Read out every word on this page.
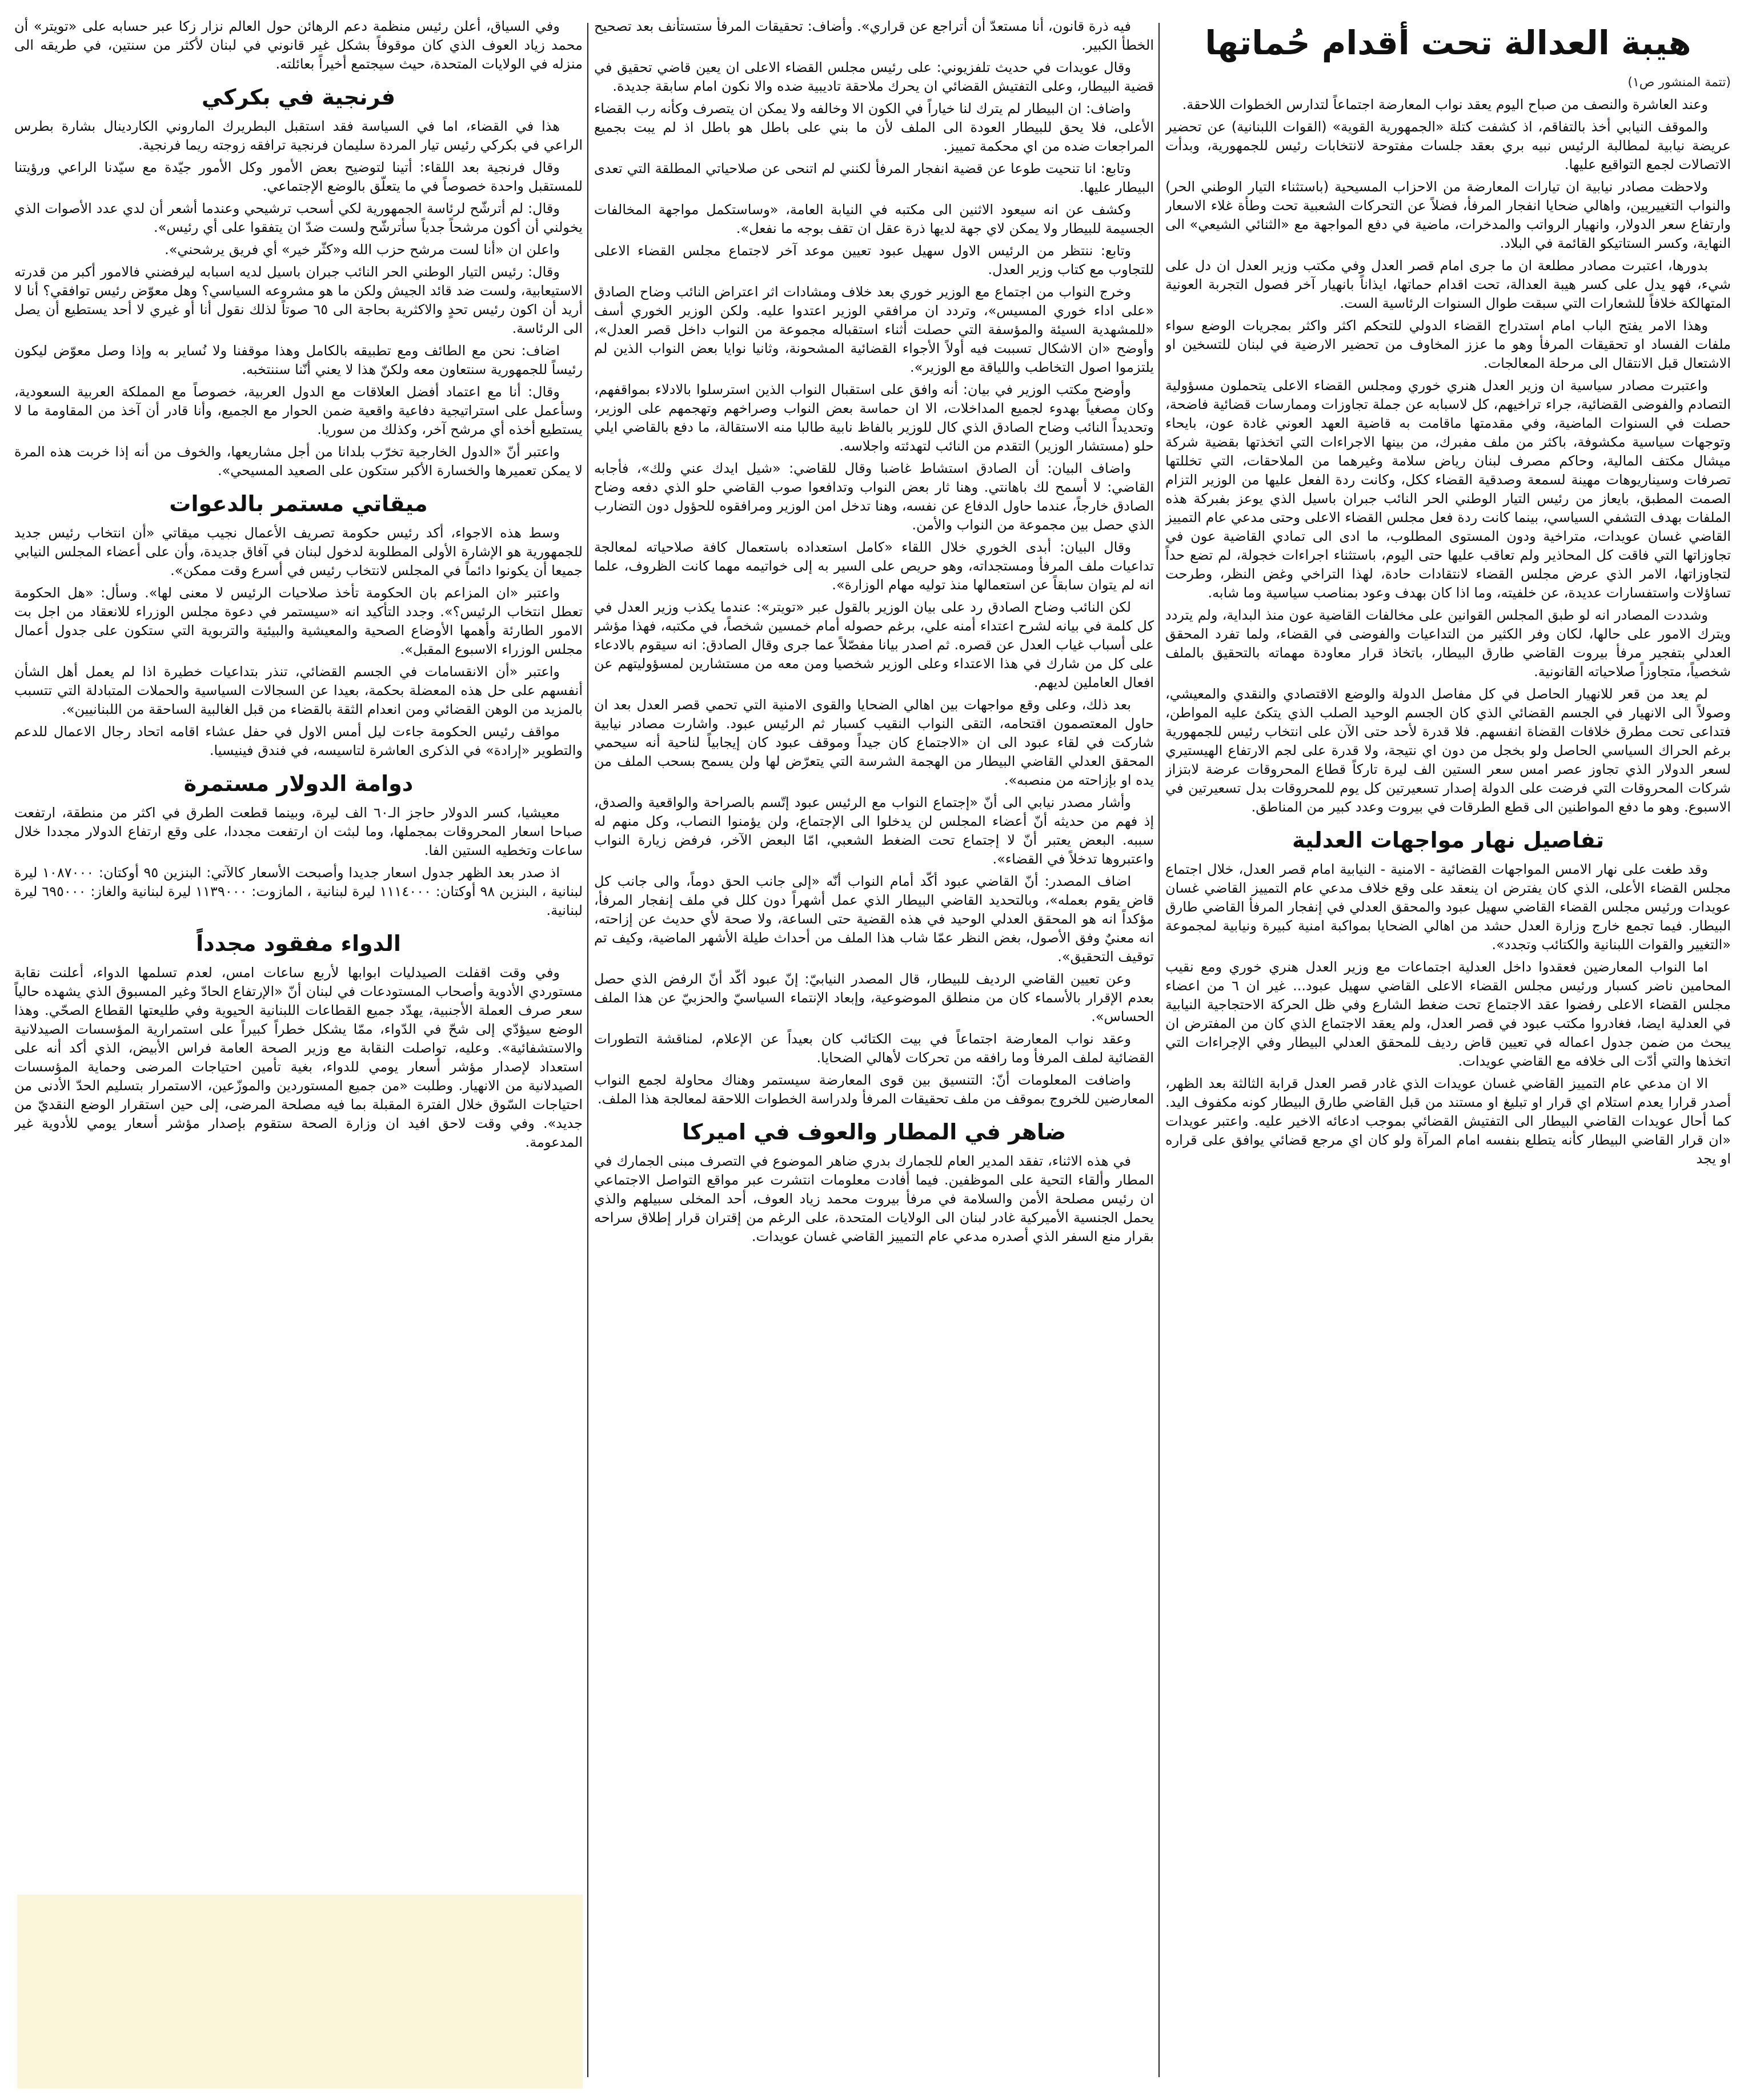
هيبة العدالة تحت أقدام حُماتها
(تتمة المنشور ص١)
وعند العاشرة والنصف من صباح اليوم يعقد نواب المعارضة اجتماعاً لتدارس الخطوات اللاحقة.
والموقف النيابي أخذ بالتفاقم، اذ كشفت كتلة «الجمهورية القوية» (القوات اللبنانية) عن تحضير عريضة نيابية لمطالبة الرئيس نبيه بري بعقد جلسات مفتوحة لانتخابات رئيس للجمهورية، وبدأت الاتصالات لجمع التواقيع عليها.
ولاحظت مصادر نيابية ان تيارات المعارضة من الاحزاب المسيحية (باستثناء التيار الوطني الحر) والنواب التغييريين، واهالي ضحايا انفجار المرفأ، فضلاً عن التحركات الشعبية تحت وطأة غلاء الاسعار وارتفاع سعر الدولار، وانهيار الرواتب والمدخرات، ماضية في دفع المواجهة مع «الثنائي الشيعي» الى النهاية، وكسر الستاتيكو القائمة في البلاد.
بدورها، اعتبرت مصادر مطلعة ان ما جرى امام قصر العدل وفي مكتب وزير العدل ان دل على شيء، فهو يدل على كسر هيبة العدالة، تحت اقدام حماتها، ايذاناً بانهيار آخر فصول التجربة العونية المتهالكة خلافاً للشعارات التي سبقت طوال السنوات الرئاسية الست.
وهذا الامر يفتح الباب امام استدراج القضاء الدولي للتحكم اكثر واكثر بمجريات الوضع سواء ملفات الفساد او تحقيقات المرفأ وهو ما عزز المخاوف من تحضير الارضية في لبنان للتسخين او الاشتعال قبل الانتقال الى مرحلة المعالجات.
واعتبرت مصادر سياسية ان وزير العدل هنري خوري ومجلس القضاء الاعلى يتحملون مسؤولية التصادم والفوضى القضائية، جراء تراخيهم، كل لاسبابه عن جملة تجاوزات وممارسات قضائية فاضحة، حصلت في السنوات الماضية، وفي مقدمتها ماقامت به قاضية العهد العوني غادة عون، بايحاء وتوجهات سياسية مكشوفة، باكثر من ملف مفبرك، من بينها الاجراءات التي اتخذتها بقضية شركة ميشال مكتف المالية، وحاكم مصرف لبنان رياض سلامة وغيرهما من الملاحقات، التي تخللتها تصرفات وسيناريوهات مهينة لسمعة وصدقية القضاء ككل، وكانت ردة الفعل عليها من الوزير التزام الصمت المطبق، بايعاز من رئيس التيار الوطني الحر النائب جبران باسيل الذي يوعز بفبركة هذه الملفات بهدف التشفي السياسي، بينما كانت ردة فعل مجلس القضاء الاعلى وحتى مدعي عام التمييز القاضي غسان عويدات، متراخية ودون المستوى المطلوب، ما ادى الى تمادي القاضية عون في تجاوزاتها التي فاقت كل المحاذير ولم تعاقب عليها حتى اليوم، باستثناء اجراءات خجولة، لم تضع حداً لتجاوزاتها، الامر الذي عرض مجلس القضاء لانتقادات حادة، لهذا التراخي وغض النظر، وطرحت تساؤلات واستفسارات عديدة، عن خلفيته، وما اذا كان بهدف وعود بمناصب سياسية وما شابه.
وشددت المصادر انه لو طبق المجلس القوانين على مخالفات القاضية عون منذ البداية، ولم يتردد ويترك الامور على حالها، لكان وفر الكثير من التداعيات والفوضى في القضاء، ولما تفرد المحقق العدلي بتفجير مرفأ بيروت القاضي طارق البيطار، باتخاذ قرار معاودة مهماته بالتحقيق بالملف شخصياً، متجاوزاً صلاحياته القانونية.
لم يعد من قعر للانهيار الحاصل في كل مفاصل الدولة والوضع الاقتصادي والنقدي والمعيشي، وصولاً الى الانهيار في الجسم القضائي الذي كان الجسم الوحيد الصلب الذي يتكئ عليه المواطن، فتداعى تحت مطرق خلافات القضاة انفسهم. فلا قدرة لأحد حتى الآن على انتخاب رئيس للجمهورية برغم الحراك السياسي الحاصل ولو بخجل من دون اي نتيجة، ولا قدرة على لجم الارتفاع الهيستيري لسعر الدولار الذي تجاوز عصر امس سعر الستين الف ليرة تاركاً قطاع المحروقات عرضة لابتزاز شركات المحروقات التي فرضت على الدولة إصدار تسعيرتين كل يوم للمحروقات بدل تسعيرتين في الاسبوع. وهو ما دفع المواطنين الى قطع الطرقات في بيروت وعدد كبير من المناطق.
تفاصيل نهار مواجهات العدلية
وقد طغت على نهار الامس المواجهات القضائية - الامنية - النيابية امام قصر العدل، خلال اجتماع مجلس القضاء الأعلى، الذي كان يفترض ان ينعقد على وقع خلاف مدعي عام التمييز القاضي غسان عويدات ورئيس مجلس القضاء القاضي سهيل عبود والمحقق العدلي في إنفجار المرفأ القاضي طارق البيطار. فيما تجمع خارج وزارة العدل حشد من اهالي الضحايا بمواكبة امنية كبيرة ونيابية لمجموعة «التغيير والقوات اللبنانية والكتائب وتجدد».
اما النواب المعارضين فعقدوا داخل العدلية اجتماعات مع وزير العدل هنري خوري ومع نقيب المحامين ناضر كسبار ورئيس مجلس القضاء الاعلى القاضي سهيل عبود... غير ان ٦ من اعضاء مجلس القضاء الاعلى رفضوا عقد الاجتماع تحت ضغط الشارع وفي ظل الحركة الاحتجاجية النيابية في العدلية ايضا، فغادروا مكتب عبود في قصر العدل، ولم يعقد الاجتماع الذي كان من المفترض ان يبحث من ضمن جدول اعماله في تعيين قاض رديف للمحقق العدلي البيطار وفي الإجراءات التي اتخذها والتي أدّت الى خلافه مع القاضي عويدات.
الا ان مدعي عام التمييز القاضي غسان عويدات الذي غادر قصر العدل قرابة الثالثة بعد الظهر، أصدر قرارا يعدم استلام اي قرار او تبليغ او مستند من قبل القاضي طارق البيطار كونه مكفوف اليد. كما أحال عويدات القاضي البيطار الى التفتيش القضائي بموجب ادعائه الاخير عليه. واعتبر عويدات «ان قرار القاضي البيطار كأنه يتطلع بنفسه امام المرآة ولو كان اي مرجع قضائي يوافق على قراره او يجد
فيه ذرة قانون، أنا مستعدّ أن أتراجع عن قراري». وأضاف: تحقيقات المرفأ ستستأنف بعد تصحيح الخطأ الكبير.
وقال عويدات في حديث تلفزيوني: على رئيس مجلس القضاء الاعلى ان يعين قاضي تحقيق في قضية البيطار، وعلى التفتيش القضائي ان يحرك ملاحقة تاديبية ضده والا نكون امام سابقة جديدة.
واضاف: ان البيطار لم يترك لنا خياراً في الكون الا وخالفه ولا يمكن ان يتصرف وكأنه رب القضاء الأعلى، فلا يحق للبيطار العودة الى الملف لأن ما بني على باطل هو باطل اذ لم يبت بجميع المراجعات ضده من اي محكمة تمييز.
وتابع: انا تنحيت طوعا عن قضية انفجار المرفأ لكنني لم اتنحى عن صلاحياتي المطلقة التي تعدى البيطار عليها.
وكشف عن انه سيعود الاثنين الى مكتبه في النيابة العامة، «وساستكمل مواجهة المخالفات الجسيمة للبيطار ولا يمكن لاي جهة لديها ذرة عقل ان تقف بوجه ما نفعل».
وتابع: ننتظر من الرئيس الاول سهيل عبود تعيين موعد آخر لاجتماع مجلس القضاء الاعلى للتجاوب مع كتاب وزير العدل.
وخرج النواب من اجتماع مع الوزير خوري بعد خلاف ومشادات اثر اعتراض النائب وضاح الصادق «على اداء خوري المسيس»، وتردد ان مرافقي الوزير اعتدوا عليه. ولكن الوزير الخوري أسف «للمشهدية السيئة والمؤسفة التي حصلت أثناء استقباله مجموعة من النواب داخل قصر العدل»، وأوضح «ان الاشكال تسببت فيه أولاً الأجواء القضائية المشحونة، وثانيا نوايا بعض النواب الذين لم يلتزموا اصول التخاطب واللياقة مع الوزير».
وأوضح مكتب الوزير في بيان: أنه وافق على استقبال النواب الذين استرسلوا بالادلاء بمواقفهم، وكان مصغياً بهدوء لجميع المداخلات، الا ان حماسة بعض النواب وصراخهم وتهجمهم على الوزير، وتحديداً النائب وضاح الصادق الذي كال للوزير بالفاظ نابية طالبا منه الاستقالة، ما دفع بالقاضي ايلي حلو (مستشار الوزير) التقدم من النائب لتهدئته واجلاسه.
واضاف البيان: أن الصادق استشاط غاضبا وقال للقاضي: «شيل ايدك عني ولك»، فأجابه القاضي: لا أسمح لك باهانتي. وهنا ثار بعض النواب وتدافعوا صوب القاضي حلو الذي دفعه وضاح الصادق خارجاً، عندما حاول الدفاع عن نفسه، وهنا تدخل امن الوزير ومرافقوه للحؤول دون التضارب الذي حصل بين مجموعة من النواب والأمن.
وقال البيان: أبدى الخوري خلال اللقاء «كامل استعداده باستعمال كافة صلاحياته لمعالجة تداعيات ملف المرفأ ومستجداته، وهو حريص على السير به إلى خواتيمه مهما كانت الظروف، علما انه لم يتوان سابقاً عن استعمالها منذ توليه مهام الوزارة».
لكن النائب وضاح الصادق رد على بيان الوزير بالقول عبر «تويتر»: عندما يكذب وزير العدل في كل كلمة في بيانه لشرح اعتداء أمنه علي، برغم حصوله أمام خمسين شخصاً، في مكتبه، فهذا مؤشر على أسباب غياب العدل عن قصره. ثم اصدر بيانا مفصّلاً عما جرى وقال الصادق: انه سيقوم بالادعاء على كل من شارك في هذا الاعتداء وعلى الوزير شخصيا ومن معه من مستشارين لمسؤوليتهم عن افعال العاملين لديهم.
بعد ذلك، وعلى وقع مواجهات بين اهالي الضحايا والقوى الامنية التي تحمي قصر العدل بعد ان حاول المعتصمون اقتحامه، التقى النواب النقيب كسبار ثم الرئيس عبود. واشارت مصادر نيابية شاركت في لقاء عبود الى ان «الاجتماع كان جيداً وموقف عبود كان إيجابياً لناحية أنه سيحمي المحقق العدلي القاضي البيطار من الهجمة الشرسة التي يتعرّض لها ولن يسمح بسحب الملف من يده او بإزاحته من منصبه».
وأشار مصدر نيابي الى أنّ «إجتماع النواب مع الرئيس عبود إتّسم بالصراحة والواقعية والصدق، إذ فهم من حديثه أنّ أعضاء المجلس لن يدخلوا الى الإجتماع، ولن يؤمنوا النصاب، وكل منهم له سببه. البعض يعتبر أنّ لا إجتماع تحت الضغط الشعبي، امّا البعض الآخر، فرفض زيارة النواب واعتبروها تدخلاً في القضاء».
اضاف المصدر: أنّ القاضي عبود أكّد أمام النواب أنّه «إلى جانب الحق دوماً، والى جانب كل قاض يقوم بعمله»، وبالتحديد القاضي البيطار الذي عمل أشهراً دون كلل في ملف إنفجار المرفأ، مؤكداً انه هو المحقق العدلي الوحيد في هذه القضية حتى الساعة، ولا صحة لأي حديث عن إزاحته، انه معنيٌ وفق الأصول، بغض النظر عمّا شاب هذا الملف من أحداث طيلة الأشهر الماضية، وكيف تم توقيف التحقيق».
وعن تعيين القاضي الرديف للبيطار، قال المصدر النيابيّ: إنّ عبود أكّد أنّ الرفض الذي حصل بعدم الإقرار بالأسماء كان من منطلق الموضوعية، وإبعاد الإنتماء السياسيّ والحزبيّ عن هذا الملف الحساس».
وعقد نواب المعارضة اجتماعاً في بيت الكتائب كان بعيداً عن الإعلام، لمناقشة التطورات القضائية لملف المرفأ وما رافقه من تحركات لأهالي الضحايا.
واضافت المعلومات أنّ: التنسيق بين قوى المعارضة سيستمر وهناك محاولة لجمع النواب المعارضين للخروج بموقف من ملف تحقيقات المرفأ ولدراسة الخطوات اللاحقة لمعالجة هذا الملف.
ضاهر في المطار والعوف في اميركا
في هذه الاثناء، تفقد المدير العام للجمارك بدري ضاهر الموضوع في التصرف مبنى الجمارك في المطار وألقاء التحية على الموظفين. فيما أفادت معلومات انتشرت عبر مواقع التواصل الاجتماعي ان رئيس مصلحة الأمن والسلامة في مرفأ بيروت محمد زياد العوف، أحد المخلى سبيلهم والذي يحمل الجنسية الأميركية غادر لبنان الى الولايات المتحدة، على الرغم من إقتران قرار إطلاق سراحه بقرار منع السفر الذي أصدره مدعي عام التمييز القاضي غسان عويدات.
وفي السياق، أعلن رئيس منظمة دعم الرهائن حول العالم نزار زكا عبر حسابه على «تويتر» أن محمد زياد العوف الذي كان موقوفاً بشكل غير قانوني في لبنان لأكثر من سنتين، في طريقه الى منزله في الولايات المتحدة، حيث سيجتمع أخيراً بعائلته.
فرنجية في بكركي
هذا في القضاء، اما في السياسة فقد استقبل البطريرك الماروني الكاردينال بشارة بطرس الراعي في بكركي رئيس تيار المردة سليمان فرنجية ترافقه زوجته ريما فرنجية.
وقال فرنجية بعد اللقاء: أتينا لتوضيح بعض الأمور وكل الأمور جيّدة مع سيّدنا الراعي ورؤيتنا للمستقبل واحدة خصوصاً في ما يتعلّق بالوضع الإجتماعي.
وقال: لم أترشّح لرئاسة الجمهورية لكي أسحب ترشيحي وعندما أشعر أن لدي عدد الأصوات الذي يخولني أن أكون مرشحاً جدياً سأترشّح ولست ضدّ ان يتفقوا على أي رئيس».
واعلن ان «أنا لست مرشح حزب الله و«كثّر خير» أي فريق يرشحني».
وقال: رئيس التيار الوطني الحر النائب جبران باسيل لديه اسبابه ليرفضني فالامور أكبر من قدرته الاستيعابية، ولست ضد قائد الجيش ولكن ما هو مشروعه السياسي؟ وهل معوّض رئيس توافقي؟ أنا لا أريد أن اكون رئيس تحدٍ والاكثرية بحاجة الى ٦٥ صوتاً لذلك نقول أنا أو غيري لا أحد يستطيع أن يصل الى الرئاسة.
اضاف: نحن مع الطائف ومع تطبيقه بالكامل وهذا موقفنا ولا نُساير به وإذا وصل معوّض ليكون رئيساً للجمهورية سنتعاون معه ولكنّ هذا لا يعني أنّنا سننتخبه.
وقال: أنا مع اعتماد أفضل العلاقات مع الدول العربية، خصوصاً مع المملكة العربية السعودية، وسأعمل على استراتيجية دفاعية واقعية ضمن الحوار مع الجميع، وأنا قادر أن آخذ من المقاومة ما لا يستطيع أخذه أي مرشح آخر، وكذلك من سوريا.
واعتبر أنّ «الدول الخارجية تخرّب بلدانا من أجل مشاريعها، والخوف من أنه إذا خربت هذه المرة لا يمكن تعميرها والخسارة الأكبر ستكون على الصعيد المسيحي».
ميقاتي مستمر بالدعوات
وسط هذه الاجواء، أكد رئيس حكومة تصريف الأعمال نجيب ميقاتي «أن انتخاب رئيس جديد للجمهورية هو الإشارة الأولى المطلوبة لدخول لبنان في آفاق جديدة، وأن على أعضاء المجلس النيابي جميعا أن يكونوا دائماً في المجلس لانتخاب رئيس في أسرع وقت ممكن».
واعتبر «ان المزاعم بان الحكومة تأخذ صلاحيات الرئيس لا معنى لها». وسأل: «هل الحكومة تعطل انتخاب الرئيس؟». وجدد التأكيد انه «سيستمر في دعوة مجلس الوزراء للانعقاد من اجل بت الامور الطارئة وأهمها الأوضاع الصحية والمعيشية والبيئية والتربوية التي ستكون على جدول أعمال مجلس الوزراء الاسبوع المقبل».
واعتبر «أن الانقسامات في الجسم القضائي، تنذر بتداعيات خطيرة اذا لم يعمل أهل الشأن أنفسهم على حل هذه المعضلة بحكمة، بعيدا عن السجالات السياسية والحملات المتبادلة التي تتسبب بالمزيد من الوهن القضائي ومن انعدام الثقة بالقضاء من قبل الغالبية الساحقة من اللبنانيين».
مواقف رئيس الحكومة جاءت ليل أمس الاول في حفل عشاء اقامه اتحاد رجال الاعمال للدعم والتطوير «إرادة» في الذكرى العاشرة لتاسيسه، في فندق فينيسيا.
دوامة الدولار مستمرة
معيشيا، كسر الدولار حاجز الـ٦٠ الف ليرة، وبينما قطعت الطرق في اكثر من منطقة، ارتفعت صباحا اسعار المحروقات بمجملها، وما لبثت ان ارتفعت مجددا، على وقع ارتفاع الدولار مجددا خلال ساعات وتخطيه الستين الفا.
اذ صدر بعد الظهر جدول اسعار جديدا وأصبحت الأسعار كالآتي: البنزين ٩٥ أوكتان: ١٠٨٧٠٠٠ ليرة لبنانية ، البنزين ٩٨ أوكتان: ١١١٤٠٠٠ ليرة لبنانية ، المازوت: ١١٣٩٠٠٠ ليرة لبنانية والغاز: ٦٩٥٠٠٠ ليرة لبنانية.
الدواء مفقود مجدداً
وفي وقت اقفلت الصيدليات ابوابها لأربع ساعات امس، لعدم تسلمها الدواء، أعلنت نقابة مستوردي الأدوية وأصحاب المستودعات في لبنان أنّ «الإرتفاع الحادّ وغير المسبوق الذي يشهده حالياً سعر صرف العملة الأجنبية، يهدّد جميع القطاعات اللبنانية الحيوية وفي طليعتها القطاع الصحّي. وهذا الوضع سيؤدّي إلى شحّ في الدّواء، ممّا يشكل خطراً كبيراً على استمرارية المؤسسات الصيدلانية والاستشفائية». وعليه، تواصلت النقابة مع وزير الصحة العامة فراس الأبيض، الذي أكد أنه على استعداد لإصدار مؤشر أسعار يومي للدواء، بغية تأمين احتياجات المرضى وحماية المؤسسات الصيدلانية من الانهيار. وطلبت «من جميع المستوردين والموزّعين، الاستمرار بتسليم الحدّ الأدنى من احتياجات السّوق خلال الفترة المقبلة بما فيه مصلحة المرضى، إلى حين استقرار الوضع النقديّ من جديد». وفي وقت لاحق افيد ان وزارة الصحة ستقوم بإصدار مؤشر أسعار يومي للأدوية غير المدعومة.
